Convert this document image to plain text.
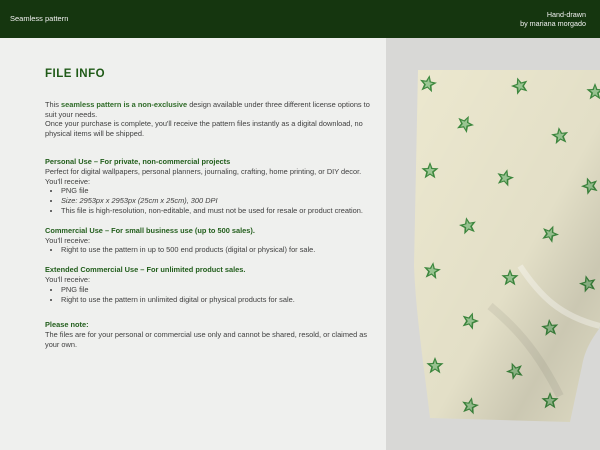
Seamless pattern	Hand-drawn
by mariana morgado
FILE INFO
This seamless pattern is a non-exclusive design available under three different license options to suit your needs.
Once your purchase is complete, you'll receive the pattern files instantly as a digital download, no physical items will be shipped.
Personal Use – For private, non-commercial projects
Perfect for digital wallpapers, personal planners, journaling, crafting, home printing, or DIY decor.
You'll receive:
• PNG file
• Size: 2953px x 2953px (25cm x 25cm), 300 DPI
• This file is high-resolution, non-editable, and must not be used for resale or product creation.
Commercial Use – For small business use (up to 500 sales).
You'll receive:
• Right to use the pattern in up to 500 end products (digital or physical) for sale.
Extended Commercial Use – For unlimited product sales.
You'll receive:
• PNG file
• Right to use the pattern in unlimited digital or physical products for sale.
Please note:
The files are for your personal or commercial use only and cannot be shared, resold, or claimed as your own.
